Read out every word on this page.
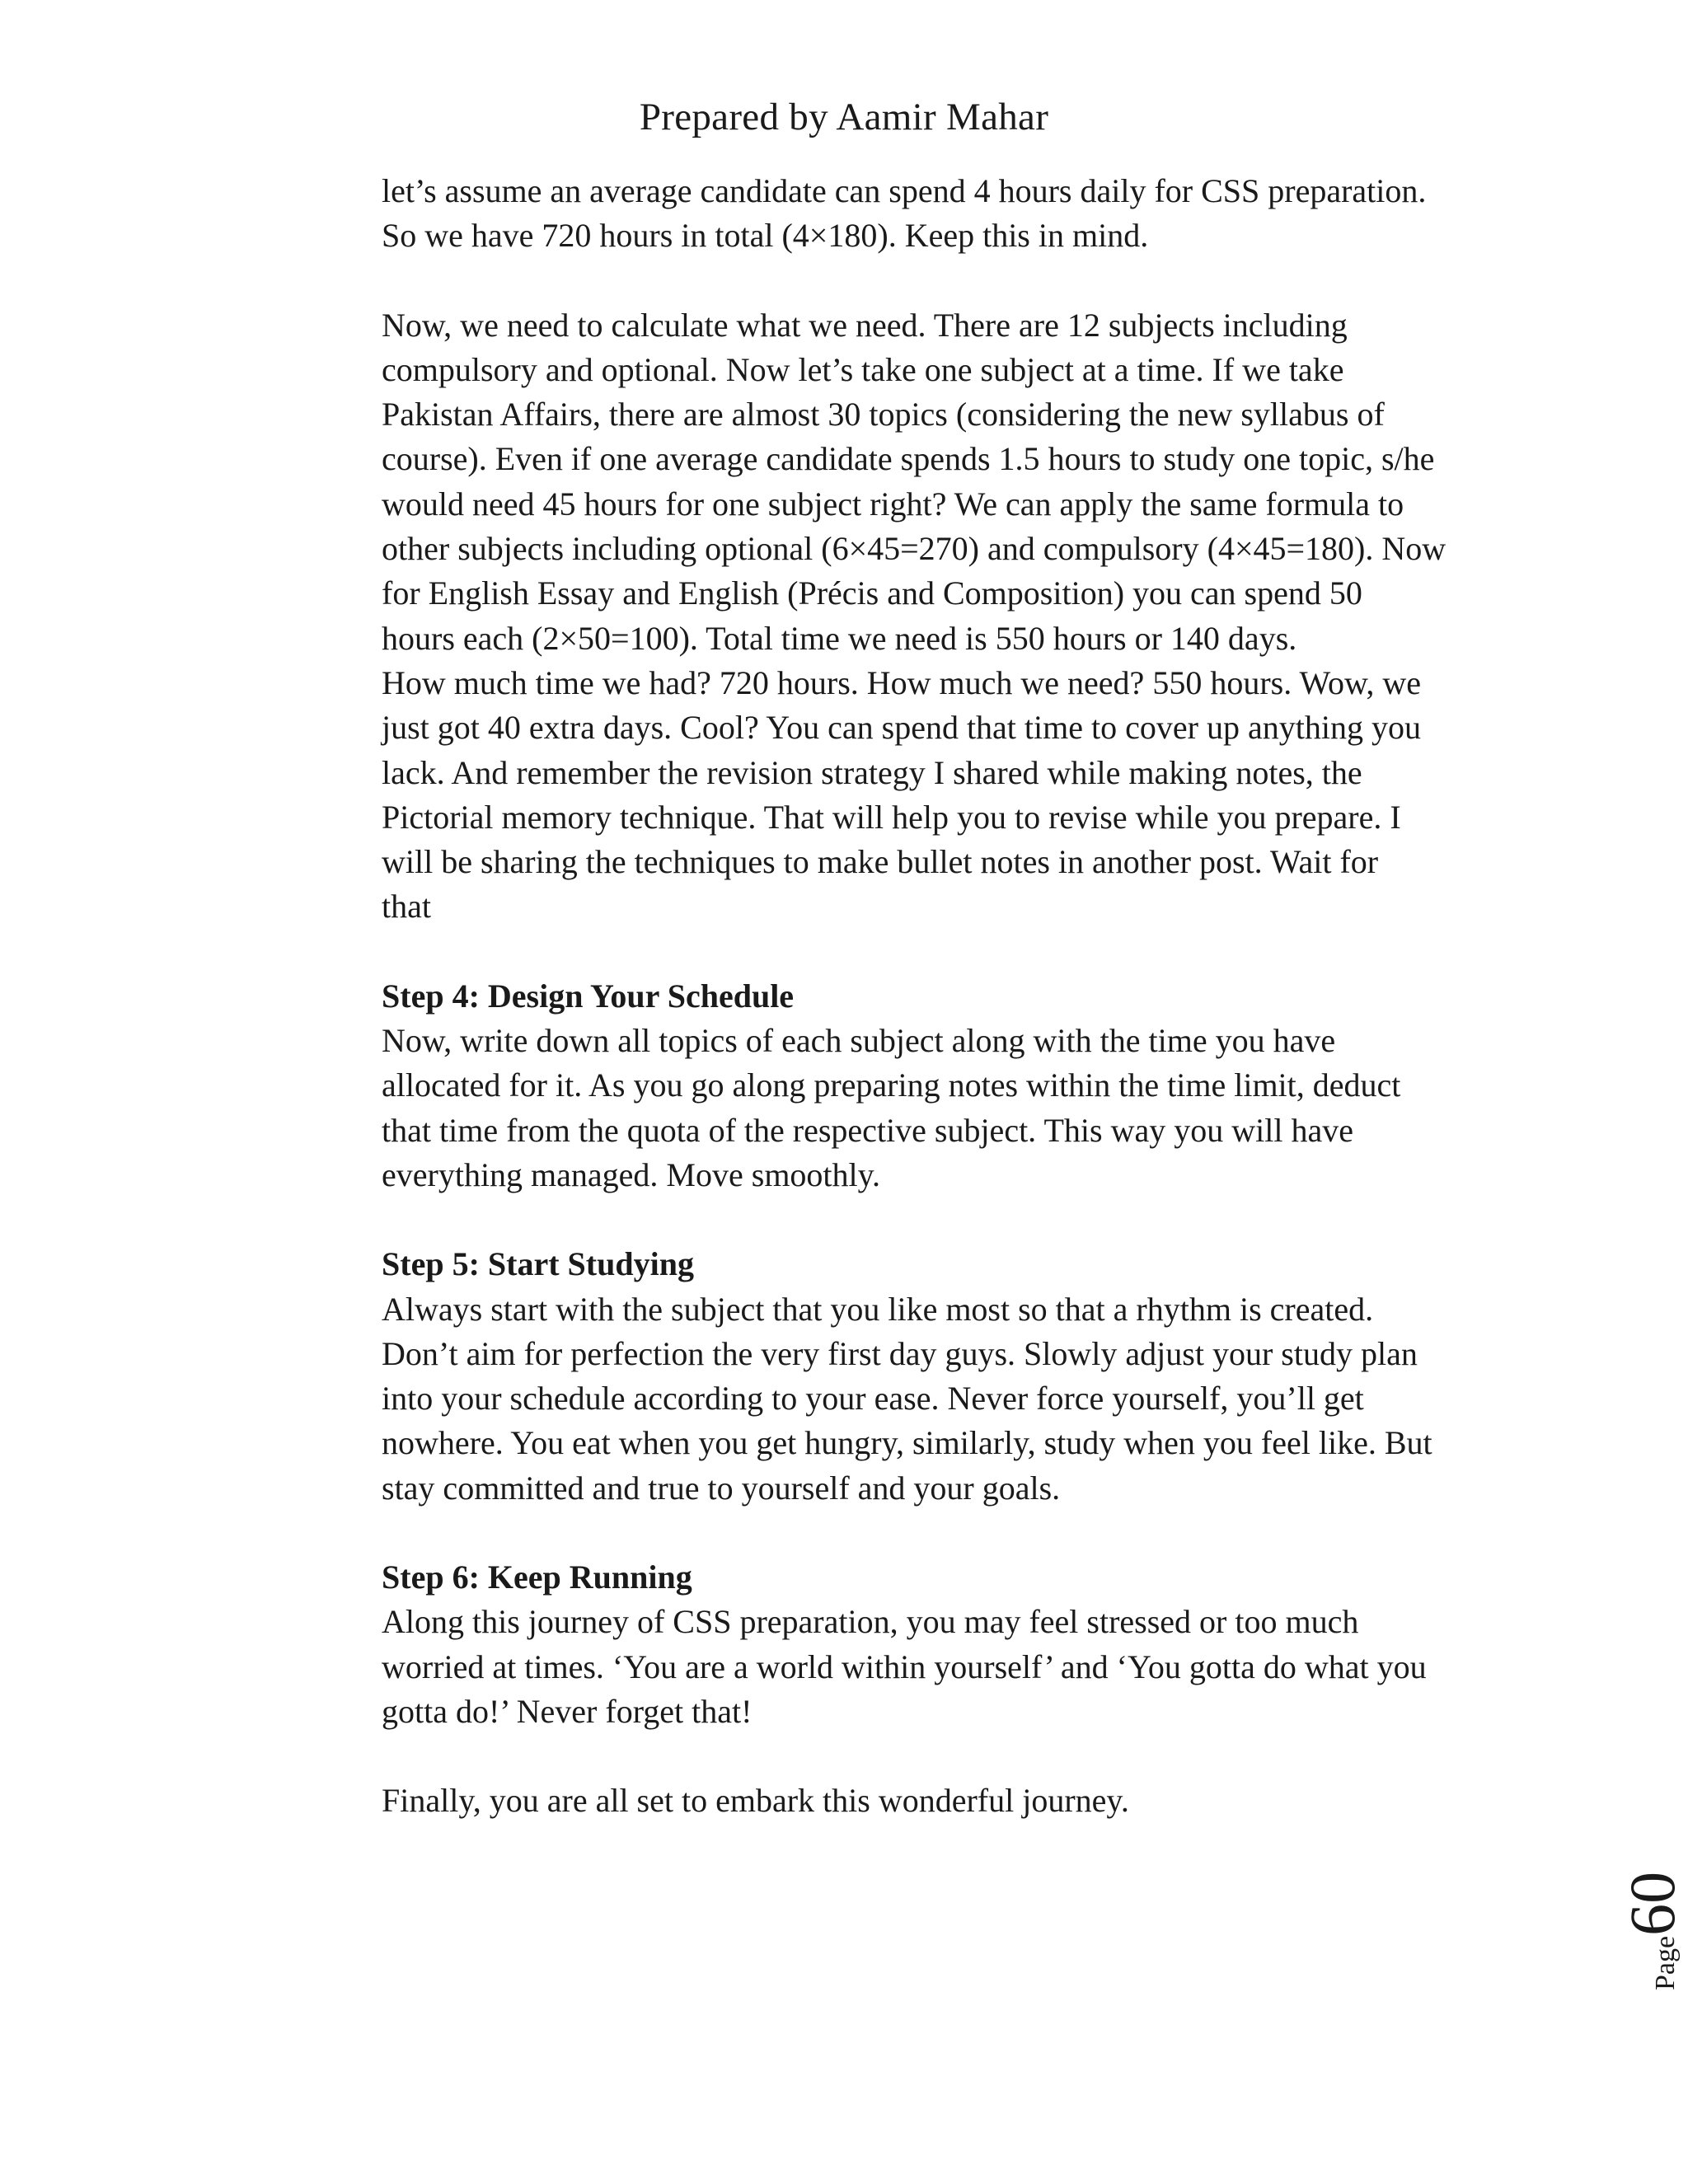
Prepared by Aamir Mahar

let’s assume an average candidate can spend 4 hours daily for CSS preparation.

So we have 720 hours in total (4×180). Keep this in mind.

Now, we need to calculate what we need. There are 12 subjects including

compulsory and optional. Now let’s take one subject at a time. If we take

Pakistan Affairs, there are almost 30 topics (considering the new syllabus of

course). Even if one average candidate spends 1.5 hours to study one topic, s/he

would need 45 hours for one subject right? We can apply the same formula to

other subjects including optional (6×45=270) and compulsory (4×45=180). Now

for English Essay and English (Précis and Composition) you can spend 50

hours each (2×50=100). Total time we need is 550 hours or 140 days.

How much time we had? 720 hours. How much we need? 550 hours. Wow, we

just got 40 extra days. Cool? You can spend that time to cover up anything you

lack. And remember the revision strategy I shared while making notes, the

Pictorial memory technique. That will help you to revise while you prepare. I

will be sharing the techniques to make bullet notes in another post. Wait for

that

Step 4: Design Your Schedule

Now, write down all topics of each subject along with the time you have

allocated for it. As you go along preparing notes within the time limit, deduct

that time from the quota of the respective subject. This way you will have

everything managed. Move smoothly.

Step 5: Start Studying

Always start with the subject that you like most so that a rhythm is created.

Don’t aim for perfection the very first day guys. Slowly adjust your study plan

into your schedule according to your ease. Never force yourself, you’ll get

nowhere. You eat when you get hungry, similarly, study when you feel like. But

stay committed and true to yourself and your goals.

Step 6: Keep Running

Along this journey of CSS preparation, you may feel stressed or too much

worried at times. ‘You are a world within yourself’ and ‘You gotta do what you

gotta do!’ Never forget that!

Finally, you are all set to embark this wonderful journey.

Page
60
